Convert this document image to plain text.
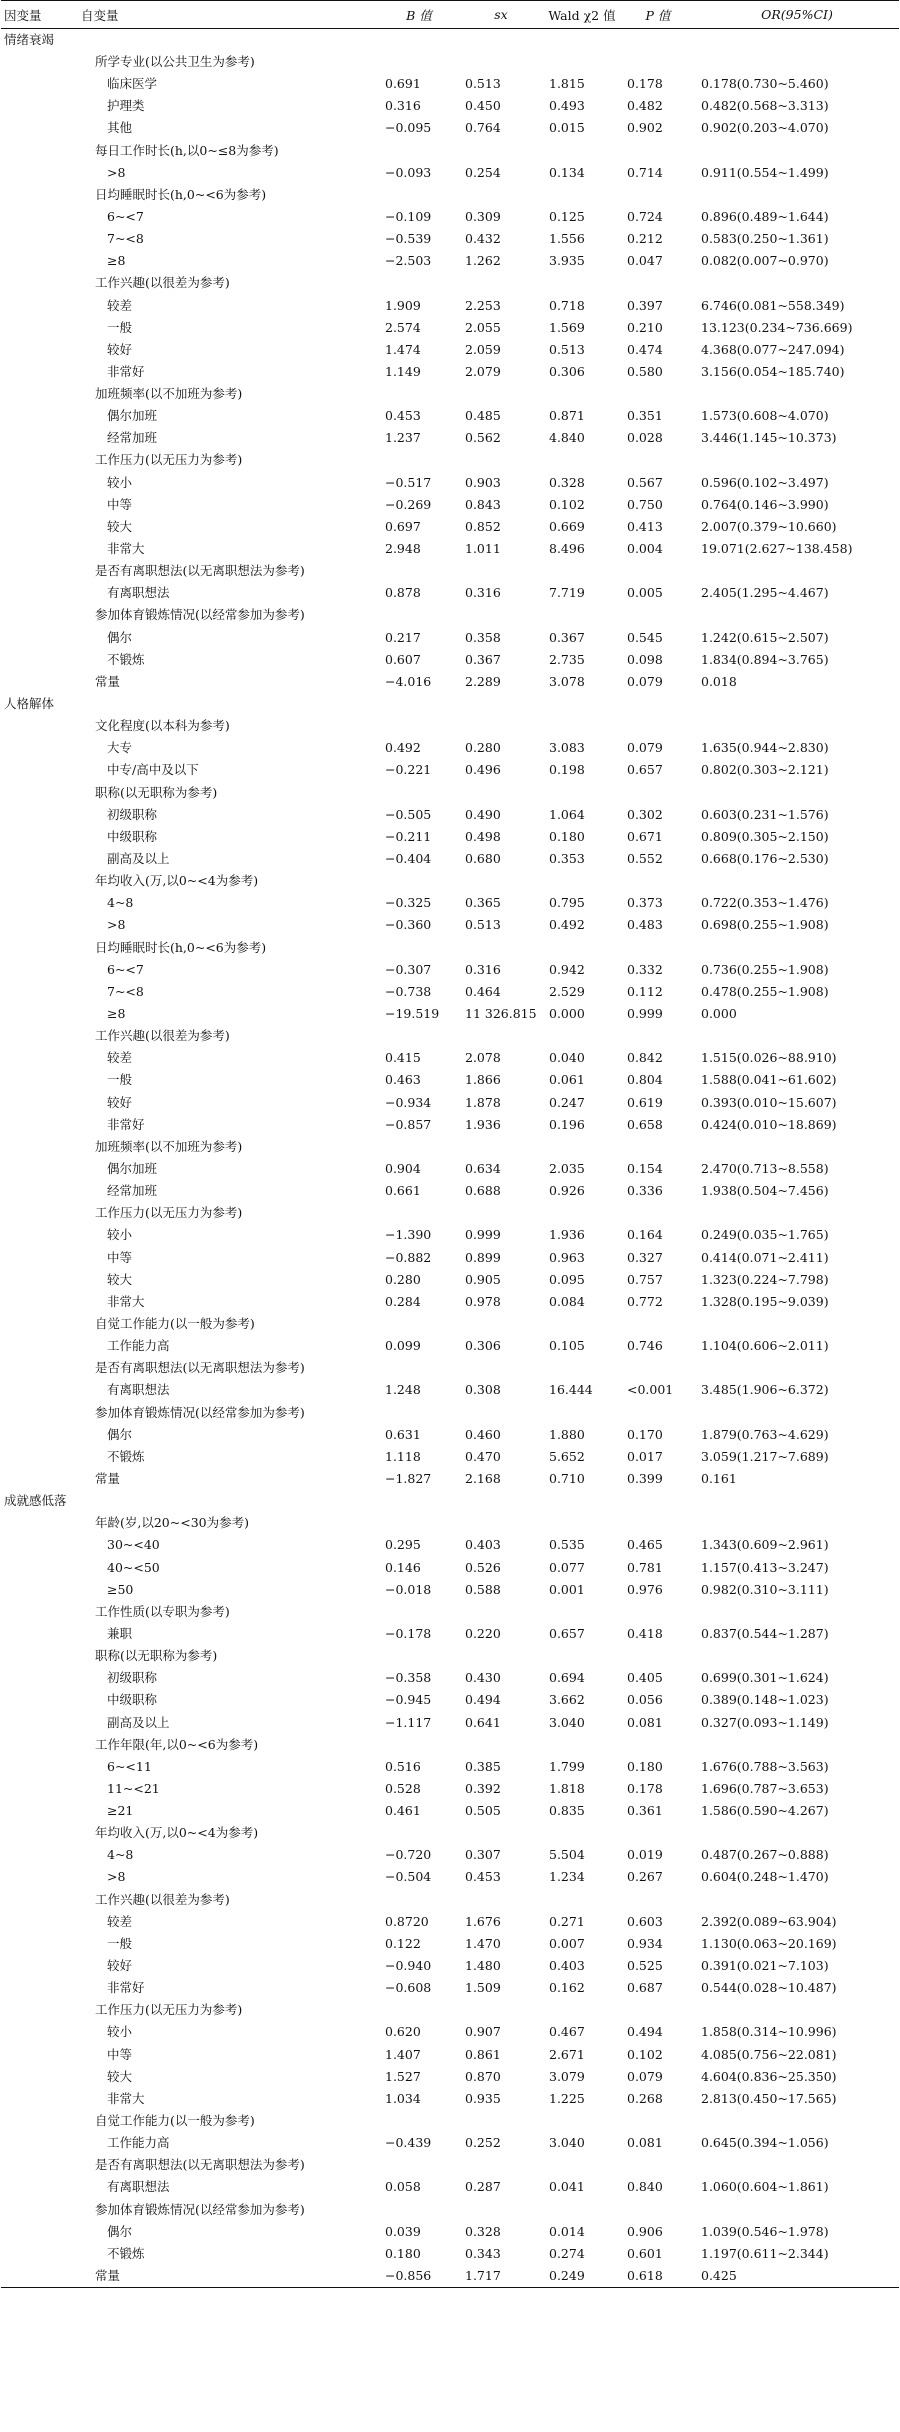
因变量	自变量	B 值	sx	Wald χ2 值	P 值	OR(95%CI)
情绪衰竭						
	所学专业(以公共卫生为参考)					
	临床医学	0.691	0.513	1.815	0.178	0.178(0.730~5.460)
	护理类	0.316	0.450	0.493	0.482	0.482(0.568~3.313)
	其他	−0.095	0.764	0.015	0.902	0.902(0.203~4.070)
	每日工作时长(h,以0~≤8为参考)					
	>8	−0.093	0.254	0.134	0.714	0.911(0.554~1.499)
	日均睡眠时长(h,0~<6为参考)					
	6~<7	−0.109	0.309	0.125	0.724	0.896(0.489~1.644)
	7~<8	−0.539	0.432	1.556	0.212	0.583(0.250~1.361)
	≥8	−2.503	1.262	3.935	0.047	0.082(0.007~0.970)
	工作兴趣(以很差为参考)					
	较差	1.909	2.253	0.718	0.397	6.746(0.081~558.349)
	一般	2.574	2.055	1.569	0.210	13.123(0.234~736.669)
	较好	1.474	2.059	0.513	0.474	4.368(0.077~247.094)
	非常好	1.149	2.079	0.306	0.580	3.156(0.054~185.740)
	加班频率(以不加班为参考)					
	偶尔加班	0.453	0.485	0.871	0.351	1.573(0.608~4.070)
	经常加班	1.237	0.562	4.840	0.028	3.446(1.145~10.373)
	工作压力(以无压力为参考)					
	较小	−0.517	0.903	0.328	0.567	0.596(0.102~3.497)
	中等	−0.269	0.843	0.102	0.750	0.764(0.146~3.990)
	较大	0.697	0.852	0.669	0.413	2.007(0.379~10.660)
	非常大	2.948	1.011	8.496	0.004	19.071(2.627~138.458)
	是否有离职想法(以无离职想法为参考)					
	有离职想法	0.878	0.316	7.719	0.005	2.405(1.295~4.467)
	参加体育锻炼情况(以经常参加为参考)					
	偶尔	0.217	0.358	0.367	0.545	1.242(0.615~2.507)
	不锻炼	0.607	0.367	2.735	0.098	1.834(0.894~3.765)
	常量	−4.016	2.289	3.078	0.079	0.018
人格解体						
	文化程度(以本科为参考)					
	大专	0.492	0.280	3.083	0.079	1.635(0.944~2.830)
	中专/高中及以下	−0.221	0.496	0.198	0.657	0.802(0.303~2.121)
	职称(以无职称为参考)					
	初级职称	−0.505	0.490	1.064	0.302	0.603(0.231~1.576)
	中级职称	−0.211	0.498	0.180	0.671	0.809(0.305~2.150)
	副高及以上	−0.404	0.680	0.353	0.552	0.668(0.176~2.530)
	年均收入(万,以0~<4为参考)					
	4~8	−0.325	0.365	0.795	0.373	0.722(0.353~1.476)
	>8	−0.360	0.513	0.492	0.483	0.698(0.255~1.908)
	日均睡眠时长(h,0~<6为参考)					
	6~<7	−0.307	0.316	0.942	0.332	0.736(0.255~1.908)
	7~<8	−0.738	0.464	2.529	0.112	0.478(0.255~1.908)
	≥8	−19.519	11 326.815	0.000	0.999	0.000
	工作兴趣(以很差为参考)					
	较差	0.415	2.078	0.040	0.842	1.515(0.026~88.910)
	一般	0.463	1.866	0.061	0.804	1.588(0.041~61.602)
	较好	−0.934	1.878	0.247	0.619	0.393(0.010~15.607)
	非常好	−0.857	1.936	0.196	0.658	0.424(0.010~18.869)
	加班频率(以不加班为参考)					
	偶尔加班	0.904	0.634	2.035	0.154	2.470(0.713~8.558)
	经常加班	0.661	0.688	0.926	0.336	1.938(0.504~7.456)
	工作压力(以无压力为参考)					
	较小	−1.390	0.999	1.936	0.164	0.249(0.035~1.765)
	中等	−0.882	0.899	0.963	0.327	0.414(0.071~2.411)
	较大	0.280	0.905	0.095	0.757	1.323(0.224~7.798)
	非常大	0.284	0.978	0.084	0.772	1.328(0.195~9.039)
	自觉工作能力(以一般为参考)					
	工作能力高	0.099	0.306	0.105	0.746	1.104(0.606~2.011)
	是否有离职想法(以无离职想法为参考)					
	有离职想法	1.248	0.308	16.444	<0.001	3.485(1.906~6.372)
	参加体育锻炼情况(以经常参加为参考)					
	偶尔	0.631	0.460	1.880	0.170	1.879(0.763~4.629)
	不锻炼	1.118	0.470	5.652	0.017	3.059(1.217~7.689)
	常量	−1.827	2.168	0.710	0.399	0.161
成就感低落						
	年龄(岁,以20~<30为参考)					
	30~<40	0.295	0.403	0.535	0.465	1.343(0.609~2.961)
	40~<50	0.146	0.526	0.077	0.781	1.157(0.413~3.247)
	≥50	−0.018	0.588	0.001	0.976	0.982(0.310~3.111)
	工作性质(以专职为参考)					
	兼职	−0.178	0.220	0.657	0.418	0.837(0.544~1.287)
	职称(以无职称为参考)					
	初级职称	−0.358	0.430	0.694	0.405	0.699(0.301~1.624)
	中级职称	−0.945	0.494	3.662	0.056	0.389(0.148~1.023)
	副高及以上	−1.117	0.641	3.040	0.081	0.327(0.093~1.149)
	工作年限(年,以0~<6为参考)					
	6~<11	0.516	0.385	1.799	0.180	1.676(0.788~3.563)
	11~<21	0.528	0.392	1.818	0.178	1.696(0.787~3.653)
	≥21	0.461	0.505	0.835	0.361	1.586(0.590~4.267)
	年均收入(万,以0~<4为参考)					
	4~8	−0.720	0.307	5.504	0.019	0.487(0.267~0.888)
	>8	−0.504	0.453	1.234	0.267	0.604(0.248~1.470)
	工作兴趣(以很差为参考)					
	较差	0.8720	1.676	0.271	0.603	2.392(0.089~63.904)
	一般	0.122	1.470	0.007	0.934	1.130(0.063~20.169)
	较好	−0.940	1.480	0.403	0.525	0.391(0.021~7.103)
	非常好	−0.608	1.509	0.162	0.687	0.544(0.028~10.487)
	工作压力(以无压力为参考)					
	较小	0.620	0.907	0.467	0.494	1.858(0.314~10.996)
	中等	1.407	0.861	2.671	0.102	4.085(0.756~22.081)
	较大	1.527	0.870	3.079	0.079	4.604(0.836~25.350)
	非常大	1.034	0.935	1.225	0.268	2.813(0.450~17.565)
	自觉工作能力(以一般为参考)					
	工作能力高	−0.439	0.252	3.040	0.081	0.645(0.394~1.056)
	是否有离职想法(以无离职想法为参考)					
	有离职想法	0.058	0.287	0.041	0.840	1.060(0.604~1.861)
	参加体育锻炼情况(以经常参加为参考)					
	偶尔	0.039	0.328	0.014	0.906	1.039(0.546~1.978)
	不锻炼	0.180	0.343	0.274	0.601	1.197(0.611~2.344)
	常量	−0.856	1.717	0.249	0.618	0.425
